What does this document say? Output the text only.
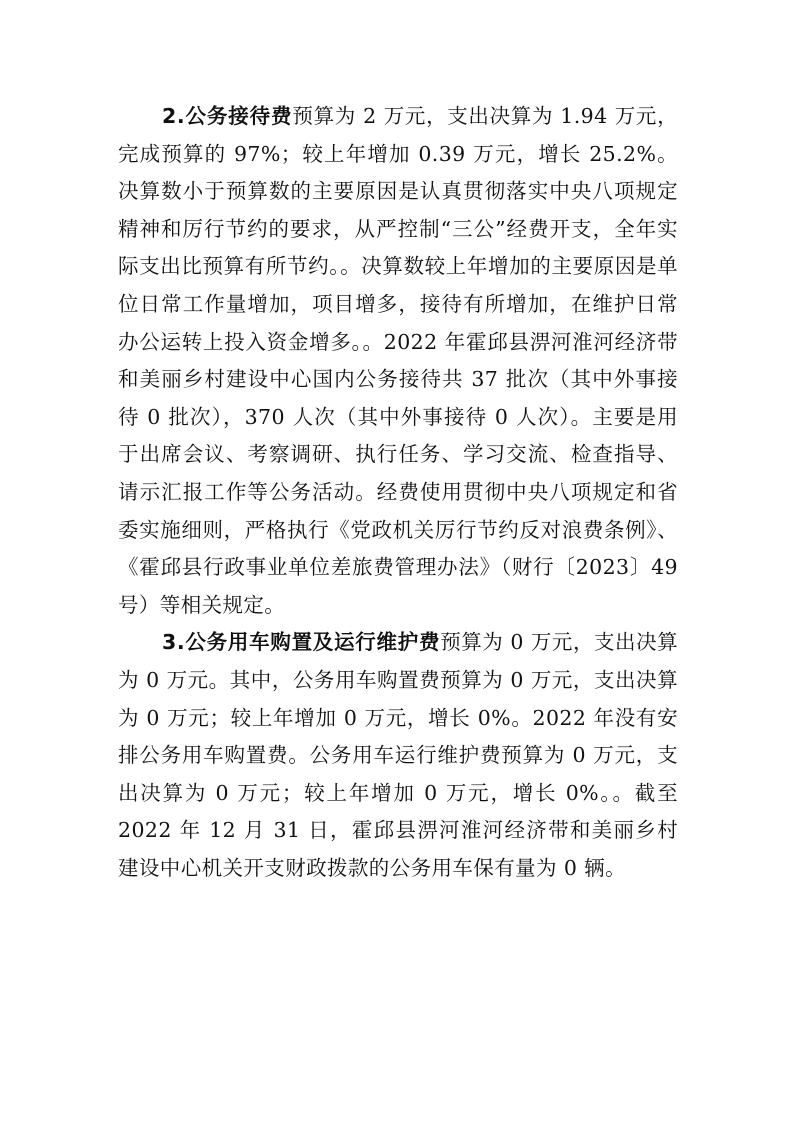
2.公务接待费预算为 2 万元，支出决算为 1.94 万元，完成预算的 97%；较上年增加 0.39 万元，增长 25.2%。决算数小于预算数的主要原因是认真贯彻落实中央八项规定精神和厉行节约的要求，从严控制“三公”经费开支，全年实际支出比预算有所节约。。决算数较上年增加的主要原因是单位日常工作量增加，项目增多，接待有所增加，在维护日常办公运转上投入资金增多。。2022 年霍邱县淠河淮河经济带和美丽乡村建设中心国内公务接待共 37 批次（其中外事接待 0 批次），370 人次（其中外事接待 0 人次）。主要是用于出席会议、考察调研、执行任务、学习交流、检查指导、请示汇报工作等公务活动。经费使用贯彻中央八项规定和省委实施细则，严格执行《党政机关厉行节约反对浪费条例》、《霍邱县行政事业单位差旅费管理办法》（财行〔2023〕49 号）等相关规定。

3.公务用车购置及运行维护费预算为 0 万元，支出决算为 0 万元。其中，公务用车购置费预算为 0 万元，支出决算为 0 万元；较上年增加 0 万元，增长 0%。2022 年没有安排公务用车购置费。公务用车运行维护费预算为 0 万元，支出决算为 0 万元；较上年增加 0 万元，增长 0%。。截至 2022 年 12 月 31 日，霍邱县淠河淮河经济带和美丽乡村建设中心机关开支财政拨款的公务用车保有量为 0 辆。
